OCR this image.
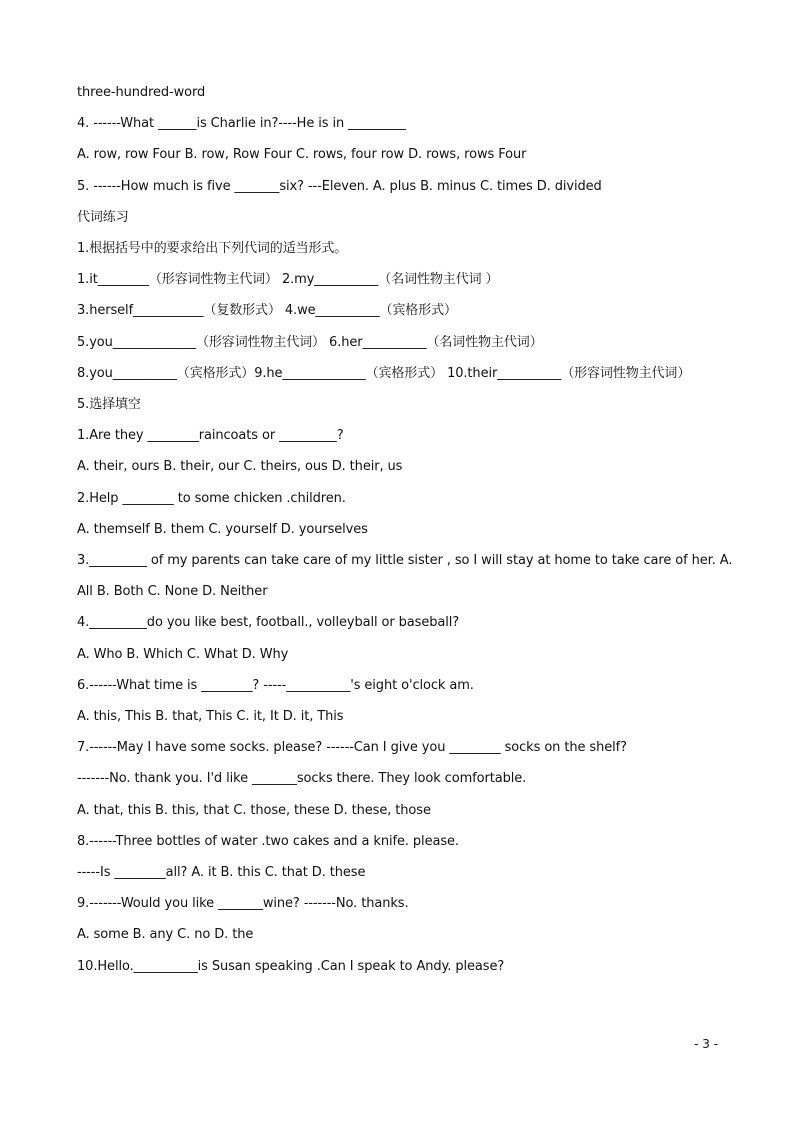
three-hundred-word
4. ------What ______is Charlie in?----He is in _________
A. row, row Four B. row, Row Four C. rows, four row D. rows, rows Four
5. ------How much is five _______six? ---Eleven. A. plus B. minus C. times D. divided
代词练习
1.根据括号中的要求给出下列代词的适当形式。
1.it________（形容词性物主代词） 2.my__________（名词性物主代词 ）
3.herself___________（复数形式） 4.we__________（宾格形式）
5.you_____________（形容词性物主代词） 6.her__________（名词性物主代词）
8.you__________（宾格形式）9.he_____________（宾格形式） 10.their__________（形容词性物主代词）
5.选择填空
1.Are they ________raincoats or _________?
A. their, ours B. their, our C. theirs, ous D. their, us
2.Help ________ to some chicken .children.
A. themself B. them C. yourself D. yourselves
3._________ of my parents can take care of my little sister , so I will stay at home to take care of her. A. All B. Both C. None D. Neither
4._________do you like best, football., volleyball or baseball?
A. Who B. Which C. What D. Why
6.------What time is ________? -----__________'s eight o'clock am.
A. this, This B. that, This C. it, It D. it, This
7.------May I have some socks. please? ------Can I give you ________ socks on the shelf?
-------No. thank you. I'd like _______socks there. They look comfortable.
A. that, this B. this, that C. those, these D. these, those
8.------Three bottles of water .two cakes and a knife. please.
-----Is ________all? A. it B. this C. that D. these
9.-------Would you like _______wine? -------No. thanks.
A. some B. any C. no D. the
10.Hello.__________is Susan speaking .Can I speak to Andy. please?
- 3 -
